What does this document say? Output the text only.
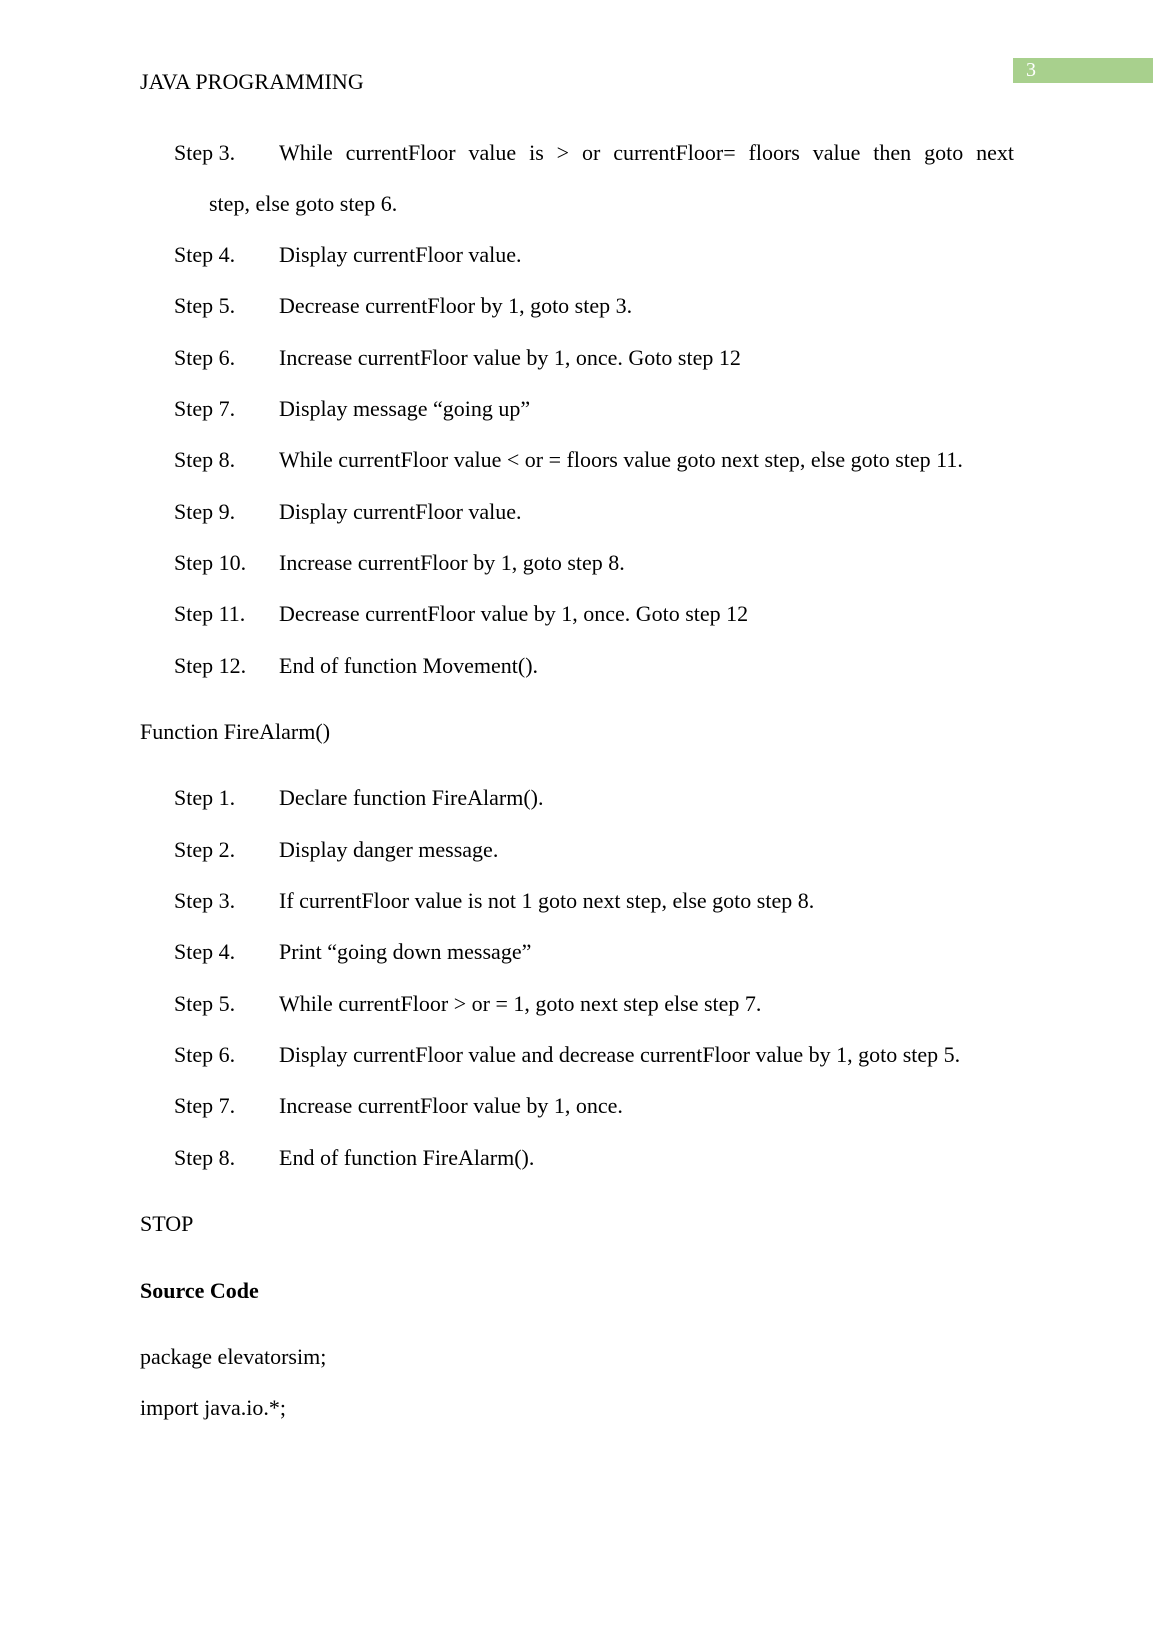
3
JAVA PROGRAMMING
Step 3. While currentFloor value is > or currentFloor= floors value then goto next
step, else goto step 6.
Step 4. Display currentFloor value.
Step 5. Decrease currentFloor by 1, goto step 3.
Step 6. Increase currentFloor value by 1, once. Goto step 12
Step 7. Display message “going up”
Step 8. While currentFloor value < or = floors value goto next step, else goto step 11.
Step 9. Display currentFloor value.
Step 10. Increase currentFloor by 1, goto step 8.
Step 11. Decrease currentFloor value by 1, once. Goto step 12
Step 12. End of function Movement().
Function FireAlarm()
Step 1. Declare function FireAlarm().
Step 2. Display danger message.
Step 3. If currentFloor value is not 1 goto next step, else goto step 8.
Step 4. Print “going down message”
Step 5. While currentFloor > or = 1, goto next step else step 7.
Step 6. Display currentFloor value and decrease currentFloor value by 1, goto step 5.
Step 7. Increase currentFloor value by 1, once.
Step 8. End of function FireAlarm().
STOP
Source Code
package elevatorsim;
import java.io.*;
